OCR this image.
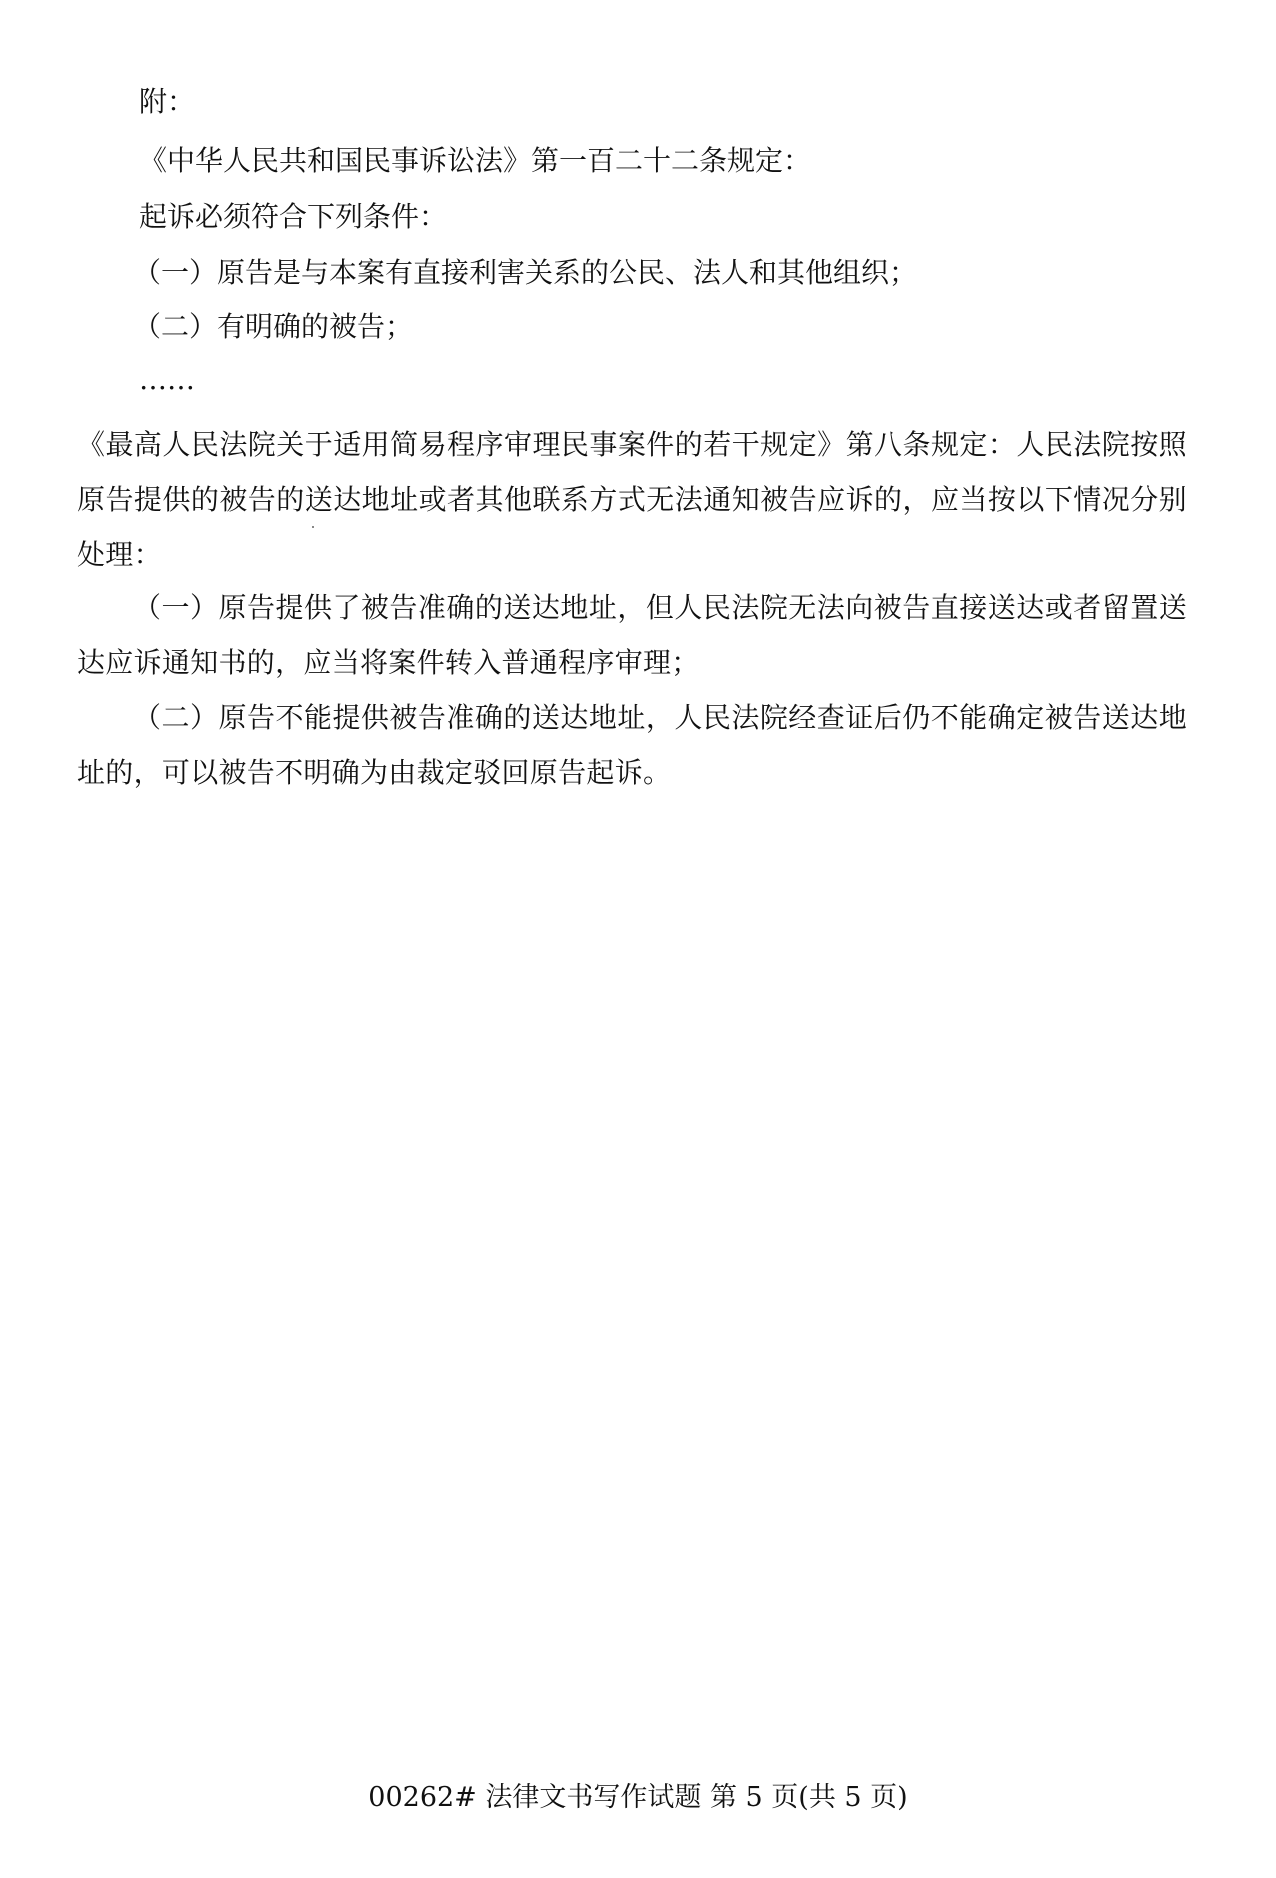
附：
《中华人民共和国民事诉讼法》第一百二十二条规定：
起诉必须符合下列条件：
（一）原告是与本案有直接利害关系的公民、法人和其他组织；
（二）有明确的被告；
……
《最高人民法院关于适用简易程序审理民事案件的若干规定》第八条规定：人民法院按照原告提供的被告的送达地址或者其他联系方式无法通知被告应诉的，应当按以下情况分别处理：
（一）原告提供了被告准确的送达地址，但人民法院无法向被告直接送达或者留置送达应诉通知书的，应当将案件转入普通程序审理；
（二）原告不能提供被告准确的送达地址，人民法院经查证后仍不能确定被告送达地址的，可以被告不明确为由裁定驳回原告起诉。
00262# 法律文书写作试题 第 5 页(共 5 页)
